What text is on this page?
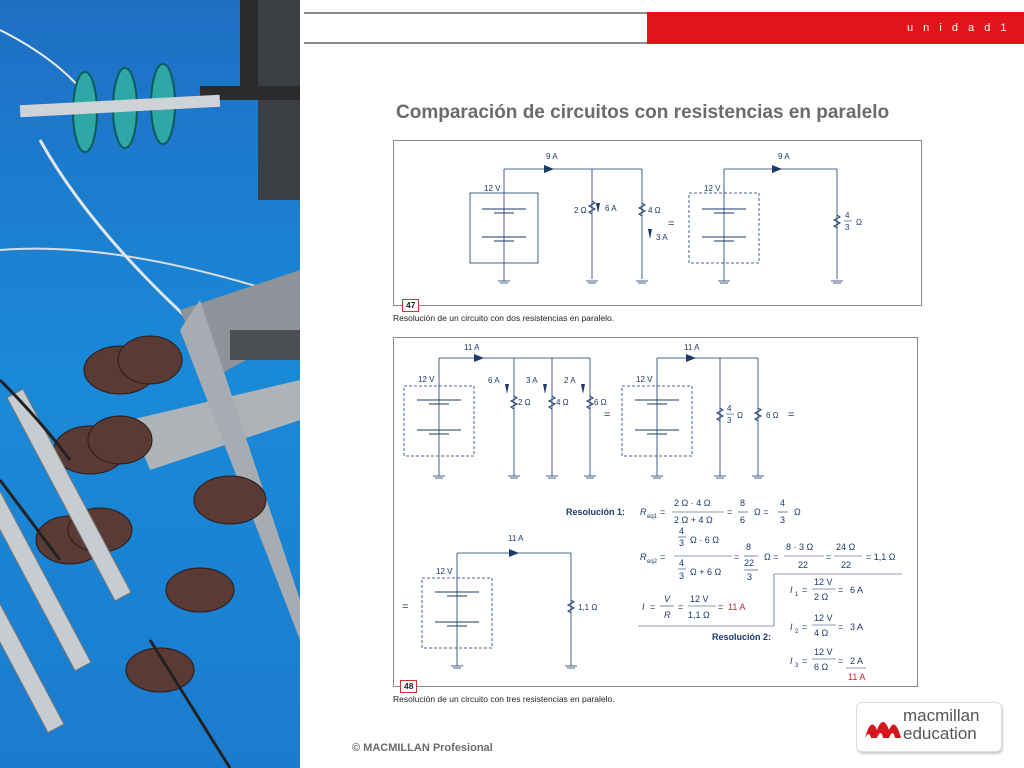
u n i d a d 1
Comparación de circuitos con resistencias en paralelo
12 V
9 A
2 Ω 6 A	4 Ω
3 A
=
12 V
9 A
4
3
Ω
47
Resolución de un circuito con dos resistencias en paralelo.
12 V
11 A
6 A	3 A	2 A
2 Ω	4 Ω	6 Ω
=
12 V
11 A
4
3
Ω	6 Ω =
=
12 V
11 A
1,1 Ω
Resolución 1: R eq1 =
2 Ω · 4 Ω
2 Ω + 4 Ω
=
8
6
Ω =
4
3
Ω
R eq2 =
4
3 Ω · 6 Ω
4
3 Ω + 6 Ω
=
8
22
3
Ω =
8 · 3 Ω
22
=
24 Ω
22
= 1,1 Ω
I =
V
R
=
12 V
1,1 Ω
= 11 A
Resolución 2:
I 1 =
12 V
2 Ω
= 6 A
I 2 =
12 V
4 Ω
= 3 A
I 3 =
12 V
6 Ω
= 2 A
11 A
48
Resolución de un circuito con tres resistencias en paralelo.
© MACMILLAN Profesional
macmillan
education
